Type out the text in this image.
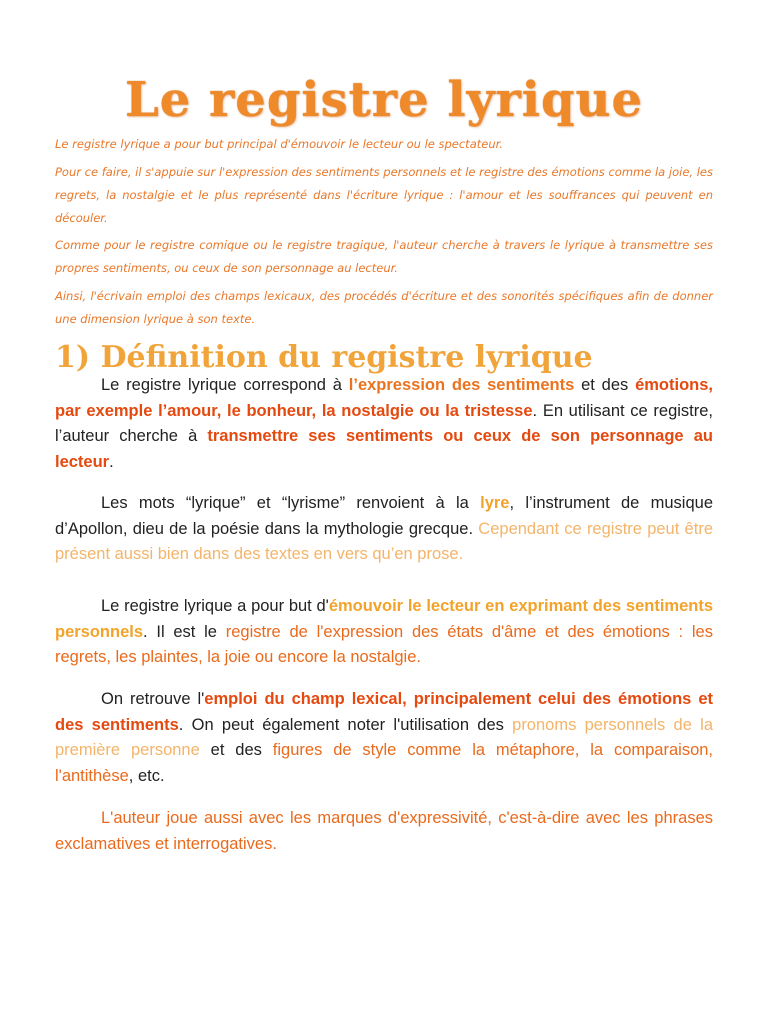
Le registre lyrique
Le registre lyrique a pour but principal d'émouvoir le lecteur ou le spectateur.
Pour ce faire, il s'appuie sur l'expression des sentiments personnels et le registre des émotions comme la joie, les regrets, la nostalgie et le plus représenté dans l'écriture lyrique : l'amour et les souffrances qui peuvent en découler.
Comme pour le registre comique ou le registre tragique, l'auteur cherche à travers le lyrique à transmettre ses propres sentiments, ou ceux de son personnage au lecteur.
Ainsi, l'écrivain emploi des champs lexicaux, des procédés d'écriture et des sonorités spécifiques afin de donner une dimension lyrique à son texte.
1) Définition du registre lyrique
Le registre lyrique correspond à l’expression des sentiments et des émotions, par exemple l’amour, le bonheur, la nostalgie ou la tristesse. En utilisant ce registre, l’auteur cherche à transmettre ses sentiments ou ceux de son personnage au lecteur.
Les mots “lyrique” et “lyrisme” renvoient à la lyre, l’instrument de musique d’Apollon, dieu de la poésie dans la mythologie grecque. Cependant ce registre peut être présent aussi bien dans des textes en vers qu’en prose.
Le registre lyrique a pour but d'émouvoir le lecteur en exprimant des sentiments personnels. Il est le registre de l'expression des états d'âme et des émotions : les regrets, les plaintes, la joie ou encore la nostalgie.
On retrouve l'emploi du champ lexical, principalement celui des émotions et des sentiments. On peut également noter l'utilisation des pronoms personnels de la première personne et des figures de style comme la métaphore, la comparaison, l'antithèse, etc.
L'auteur joue aussi avec les marques d'expressivité, c'est-à-dire avec les phrases exclamatives et interrogatives.
